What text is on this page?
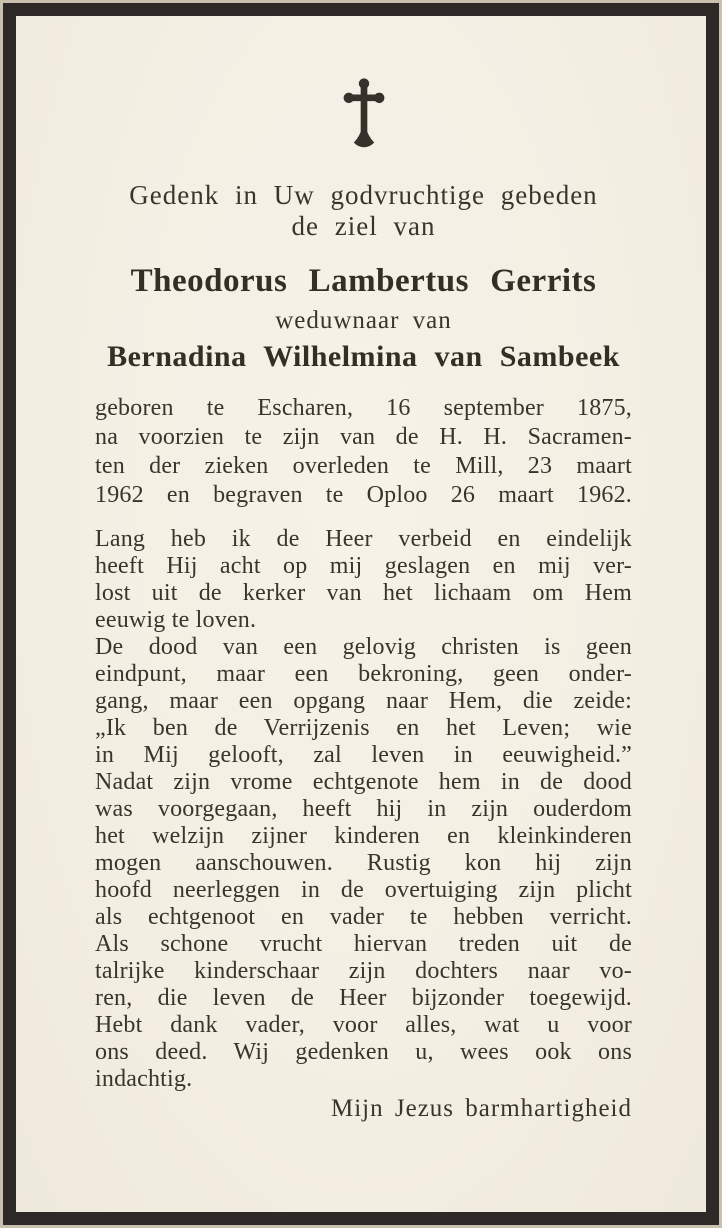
Gedenk in Uw godvruchtige gebeden
de ziel van
Theodorus Lambertus Gerrits
weduwnaar van
Bernadina Wilhelmina van Sambeek
geboren te Escharen, 16 september 1875,
na voorzien te zijn van de H. H. Sacramen-
ten der zieken overleden te Mill, 23 maart
1962 en begraven te Oploo 26 maart 1962.
Lang heb ik de Heer verbeid en eindelijk
heeft Hij acht op mij geslagen en mij ver-
lost uit de kerker van het lichaam om Hem
eeuwig te loven.
De dood van een gelovig christen is geen
eindpunt, maar een bekroning, geen onder-
gang, maar een opgang naar Hem, die zeide:
„Ik ben de Verrijzenis en het Leven; wie
in Mij gelooft, zal leven in eeuwigheid.”
Nadat zijn vrome echtgenote hem in de dood
was voorgegaan, heeft hij in zijn ouderdom
het welzijn zijner kinderen en kleinkinderen
mogen aanschouwen. Rustig kon hij zijn
hoofd neerleggen in de overtuiging zijn plicht
als echtgenoot en vader te hebben verricht.
Als schone vrucht hiervan treden uit de
talrijke kinderschaar zijn dochters naar vo-
ren, die leven de Heer bijzonder toegewijd.
Hebt dank vader, voor alles, wat u voor
ons deed. Wij gedenken u, wees ook ons
indachtig.
Mijn Jezus barmhartigheid
